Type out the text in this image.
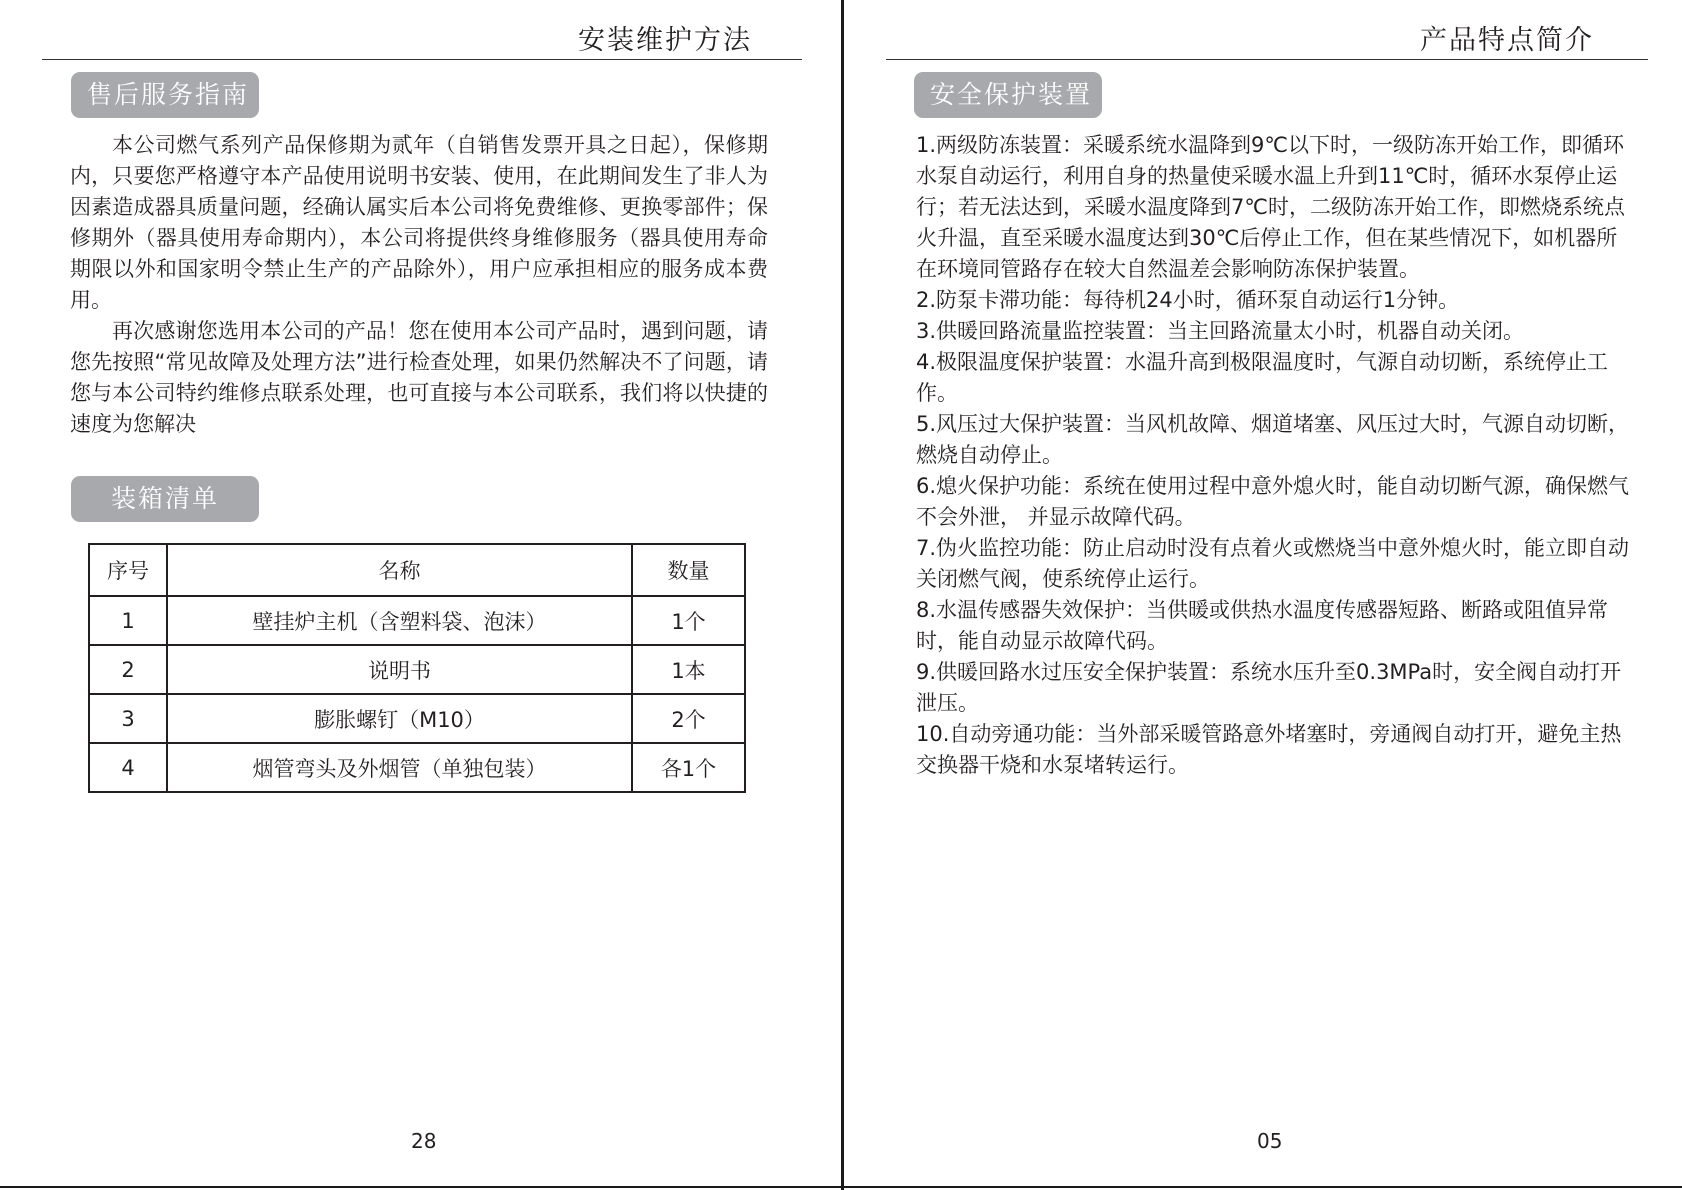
安装维护方法
售后服务指南

本公司燃气系列产品保修期为贰年（自销售发票开具之日起），保修期内，只要您严格遵守本产品使用说明书安装、使用，在此期间发生了非人为因素造成器具质量问题，经确认属实后本公司将免费维修、更换零部件；保修期外（器具使用寿命期内），本公司将提供终身维修服务（器具使用寿命期限以外和国家明令禁止生产的产品除外），用户应承担相应的服务成本费用。

再次感谢您选用本公司的产品！您在使用本公司产品时，遇到问题，请您先按照“常见故障及处理方法”进行检查处理，如果仍然解决不了问题，请您与本公司特约维修点联系处理，也可直接与本公司联系，我们将以快捷的速度为您解决

装箱清单
序号	名称	数量
1	壁挂炉主机（含塑料袋、泡沫）	1个
2	说明书	1本
3	膨胀螺钉（M10）	2个
4	烟管弯头及外烟管（单独包装）	各1个
28
产品特点简介
安全保护装置
1.两级防冻装置：采暖系统水温降到9℃以下时，一级防冻开始工作，即循环水泵自动运行，利用自身的热量使采暖水温上升到11℃时，循环水泵停止运行；若无法达到，采暖水温度降到7℃时，二级防冻开始工作，即燃烧系统点火升温，直至采暖水温度达到30℃后停止工作，但在某些情况下，如机器所在环境同管路存在较大自然温差会影响防冻保护装置。
2.防泵卡滞功能：每待机24小时，循环泵自动运行1分钟。
3.供暖回路流量监控装置：当主回路流量太小时，机器自动关闭。
4.极限温度保护装置：水温升高到极限温度时，气源自动切断，系统停止工作。
5.风压过大保护装置：当风机故障、烟道堵塞、风压过大时，气源自动切断，燃烧自动停止。
6.熄火保护功能：系统在使用过程中意外熄火时，能自动切断气源，确保燃气不会外泄， 并显示故障代码。
7.伪火监控功能：防止启动时没有点着火或燃烧当中意外熄火时，能立即自动关闭燃气阀，使系统停止运行。
8.水温传感器失效保护：当供暖或供热水温度传感器短路、断路或阻值异常时，能自动显示故障代码。
9.供暖回路水过压安全保护装置：系统水压升至0.3MPa时，安全阀自动打开泄压。
10.自动旁通功能：当外部采暖管路意外堵塞时，旁通阀自动打开，避免主热交换器干烧和水泵堵转运行。
05
